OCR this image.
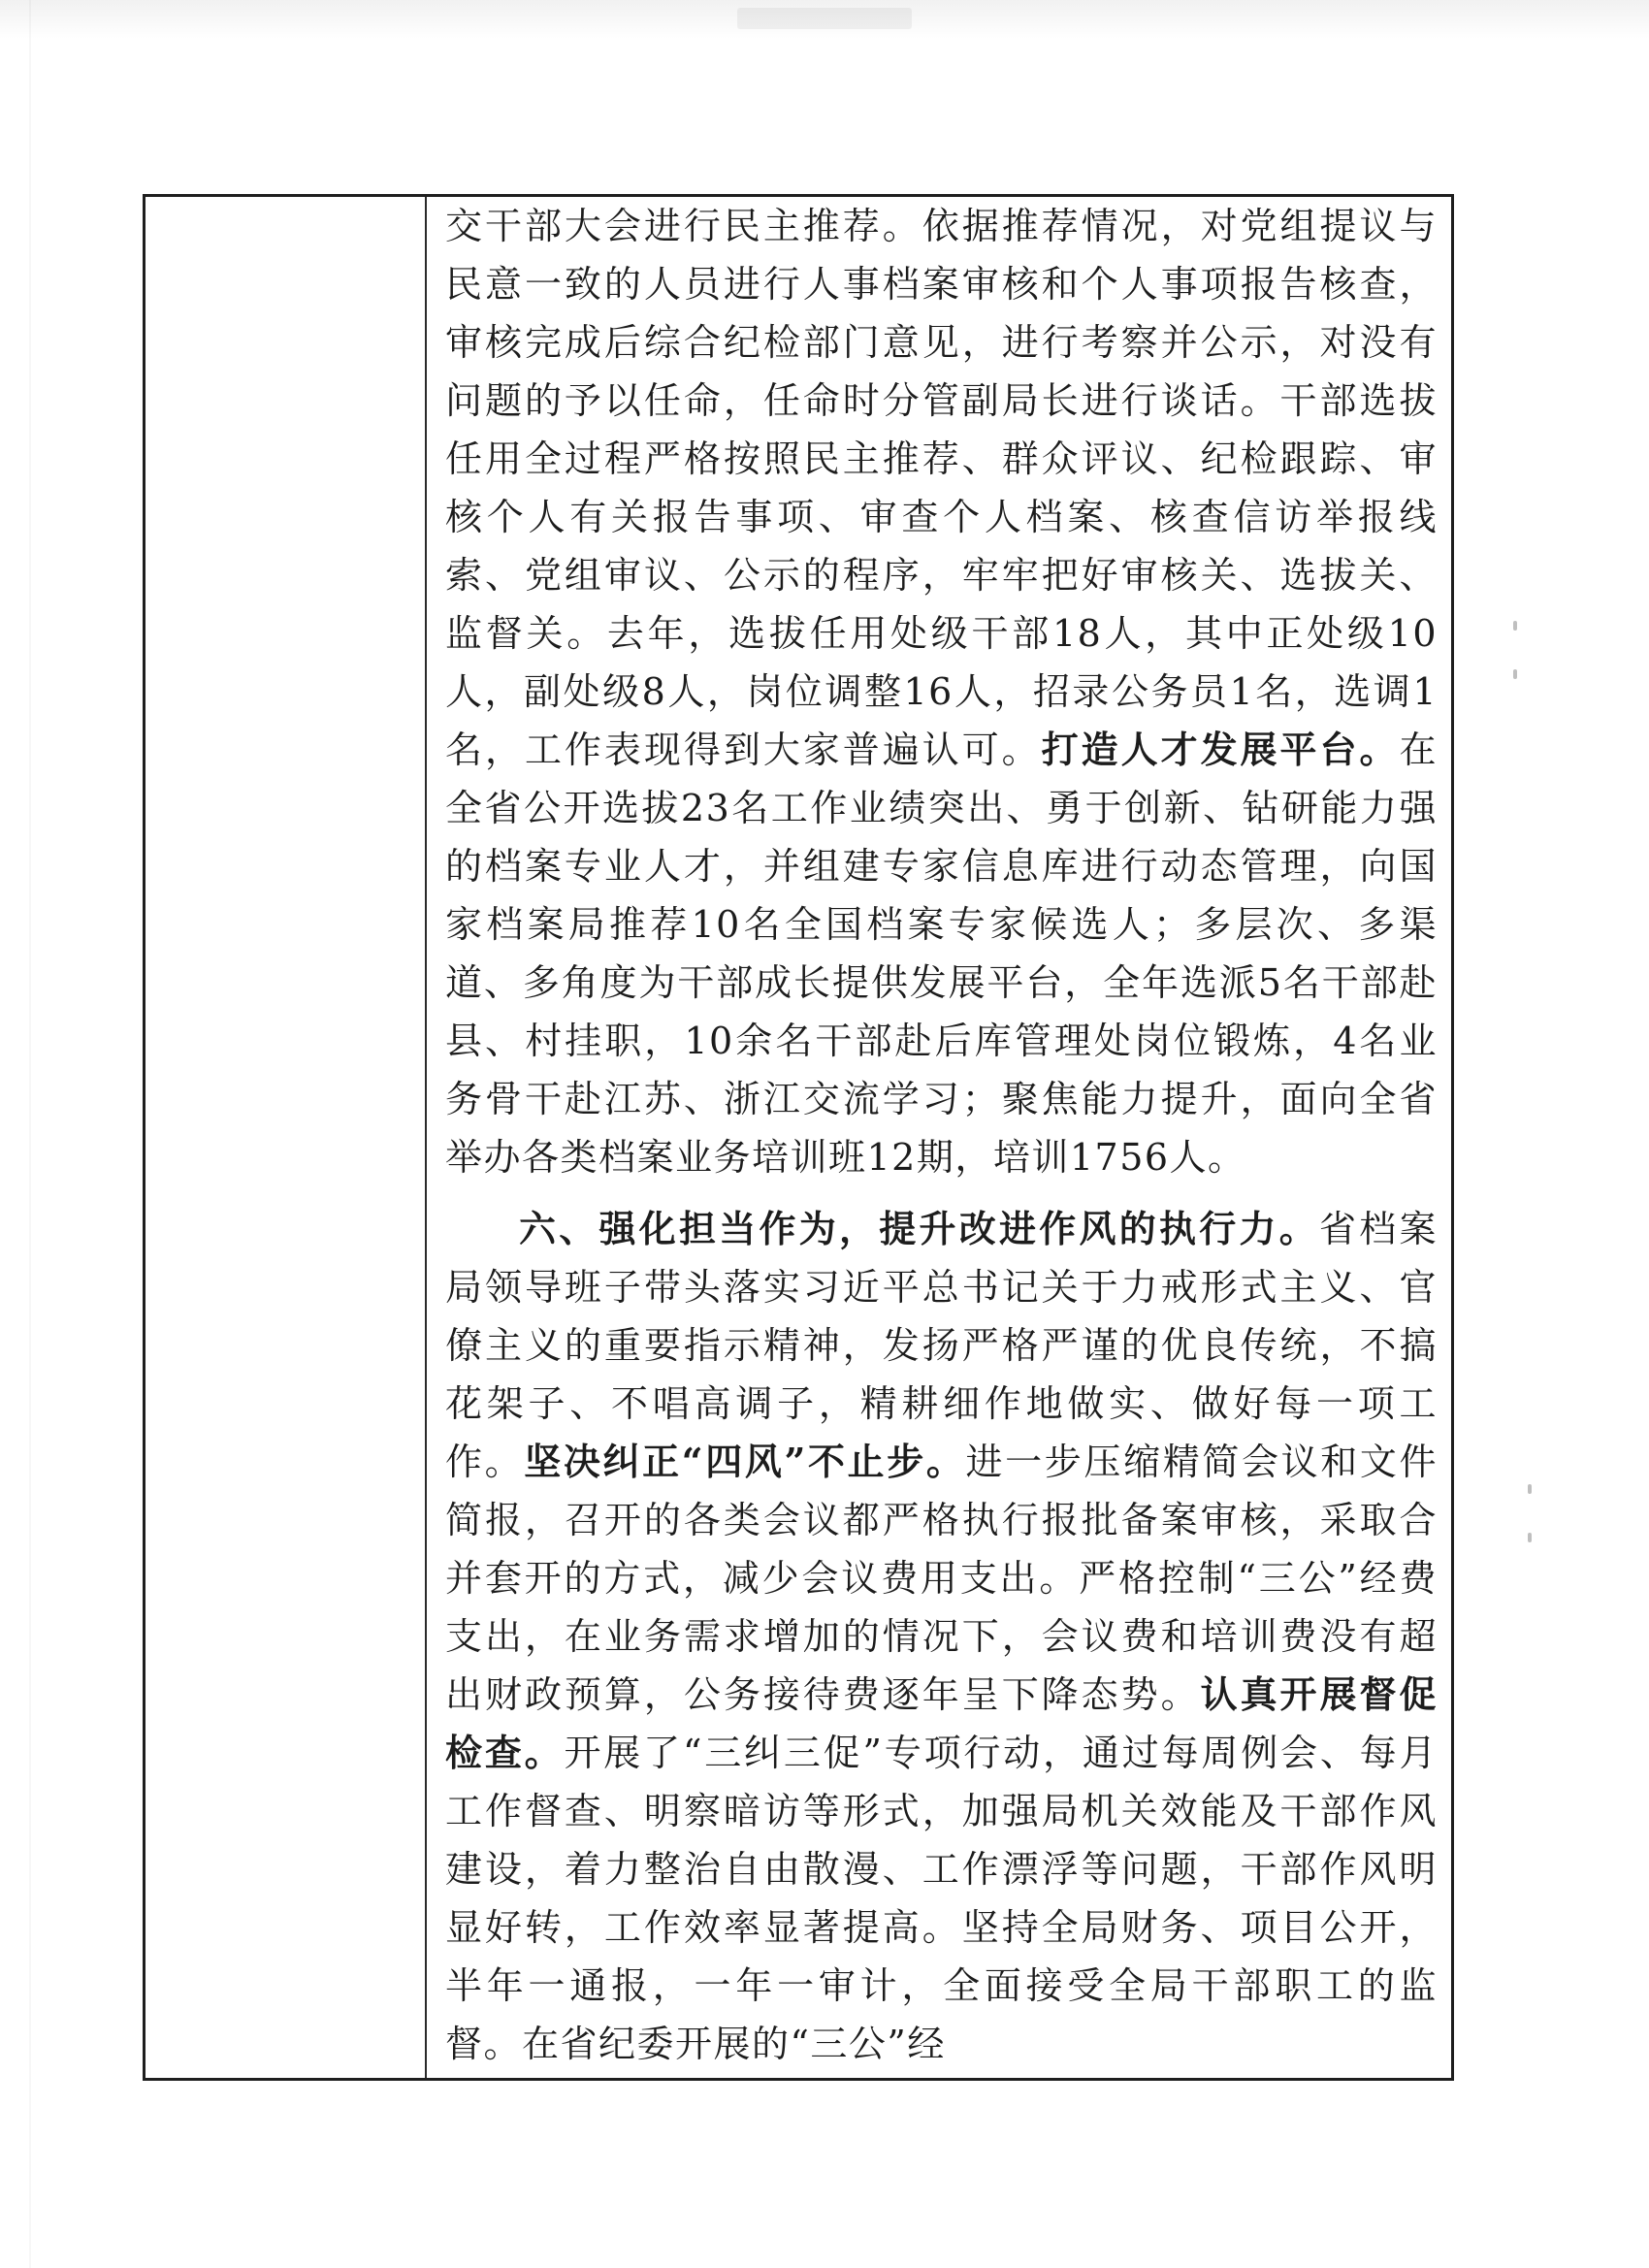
交干部大会进行民主推荐。依据推荐情况，对党组提议与民意一致的人员进行人事档案审核和个人事项报告核查，审核完成后综合纪检部门意见，进行考察并公示，对没有问题的予以任命，任命时分管副局长进行谈话。干部选拔任用全过程严格按照民主推荐、群众评议、纪检跟踪、审核个人有关报告事项、审查个人档案、核查信访举报线索、党组审议、公示的程序，牢牢把好审核关、选拔关、监督关。去年，选拔任用处级干部18人，其中正处级10人，副处级8人，岗位调整16人，招录公务员1名，选调1名，工作表现得到大家普遍认可。打造人才发展平台。在全省公开选拔23名工作业绩突出、勇于创新、钻研能力强的档案专业人才，并组建专家信息库进行动态管理，向国家档案局推荐10名全国档案专家候选人；多层次、多渠道、多角度为干部成长提供发展平台，全年选派5名干部赴县、村挂职，10余名干部赴后库管理处岗位锻炼，4名业务骨干赴江苏、浙江交流学习；聚焦能力提升，面向全省举办各类档案业务培训班12期，培训1756人。

六、强化担当作为，提升改进作风的执行力。省档案局领导班子带头落实习近平总书记关于力戒形式主义、官僚主义的重要指示精神，发扬严格严谨的优良传统，不搞花架子、不唱高调子，精耕细作地做实、做好每一项工作。坚决纠正“四风”不止步。进一步压缩精简会议和文件简报，召开的各类会议都严格执行报批备案审核，采取合并套开的方式，减少会议费用支出。严格控制“三公”经费支出，在业务需求增加的情况下，会议费和培训费没有超出财政预算，公务接待费逐年呈下降态势。认真开展督促检查。开展了“三纠三促”专项行动，通过每周例会、每月工作督查、明察暗访等形式，加强局机关效能及干部作风建设，着力整治自由散漫、工作漂浮等问题，干部作风明显好转，工作效率显著提高。坚持全局财务、项目公开，半年一通报，一年一审计，全面接受全局干部职工的监督。在省纪委开展的“三公”经
